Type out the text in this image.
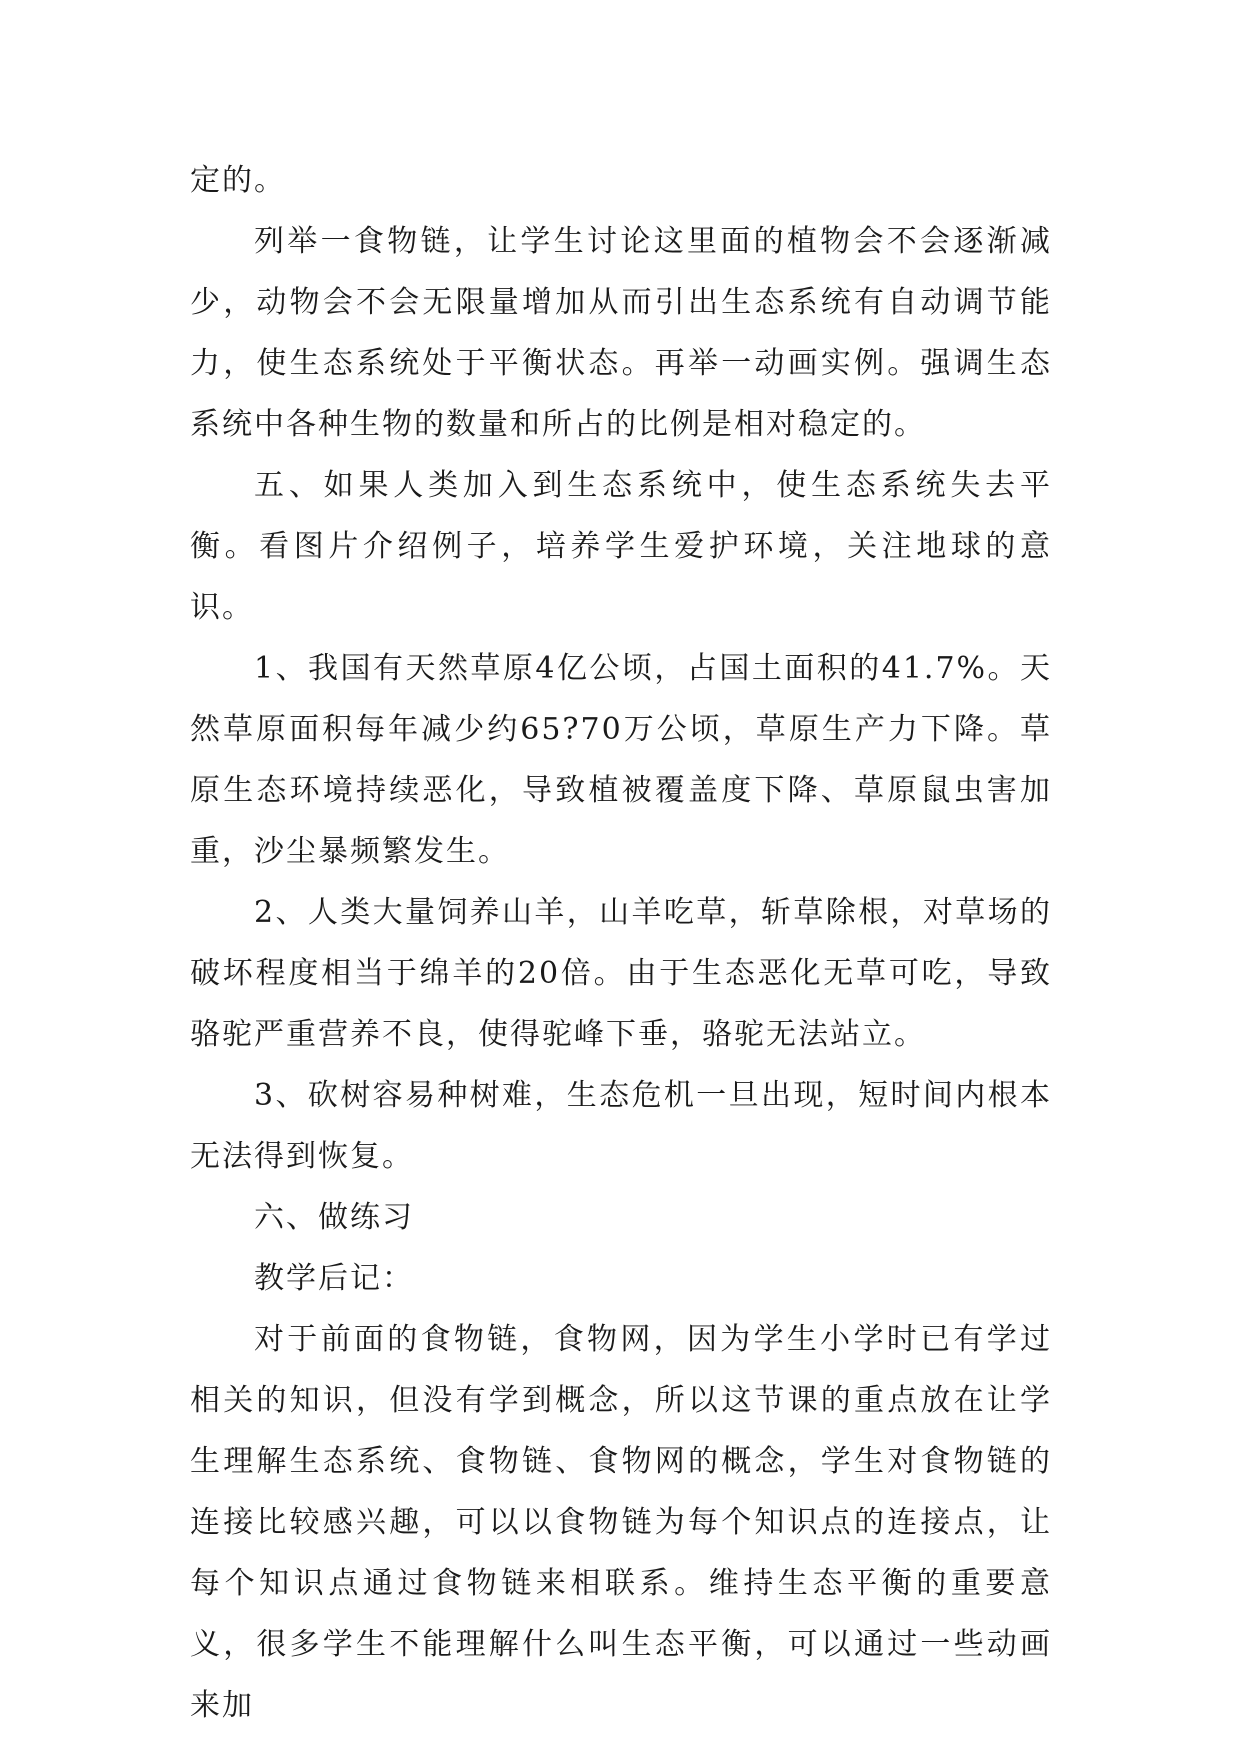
定的。

列举一食物链，让学生讨论这里面的植物会不会逐渐减少，动物会不会无限量增加从而引出生态系统有自动调节能力，使生态系统处于平衡状态。再举一动画实例。强调生态系统中各种生物的数量和所占的比例是相对稳定的。

五、如果人类加入到生态系统中，使生态系统失去平衡。看图片介绍例子，培养学生爱护环境，关注地球的意识。

1、我国有天然草原4亿公顷，占国土面积的41.7%。天然草原面积每年减少约65?70万公顷，草原生产力下降。草原生态环境持续恶化，导致植被覆盖度下降、草原鼠虫害加重，沙尘暴频繁发生。

2、人类大量饲养山羊，山羊吃草，斩草除根，对草场的破坏程度相当于绵羊的20倍。由于生态恶化无草可吃，导致骆驼严重营养不良，使得驼峰下垂，骆驼无法站立。

3、砍树容易种树难，生态危机一旦出现，短时间内根本无法得到恢复。

六、做练习

教学后记：

对于前面的食物链，食物网，因为学生小学时已有学过相关的知识，但没有学到概念，所以这节课的重点放在让学生理解生态系统、食物链、食物网的概念，学生对食物链的连接比较感兴趣，可以以食物链为每个知识点的连接点，让每个知识点通过食物链来相联系。维持生态平衡的重要意义，很多学生不能理解什么叫生态平衡，可以通过一些动画来加
